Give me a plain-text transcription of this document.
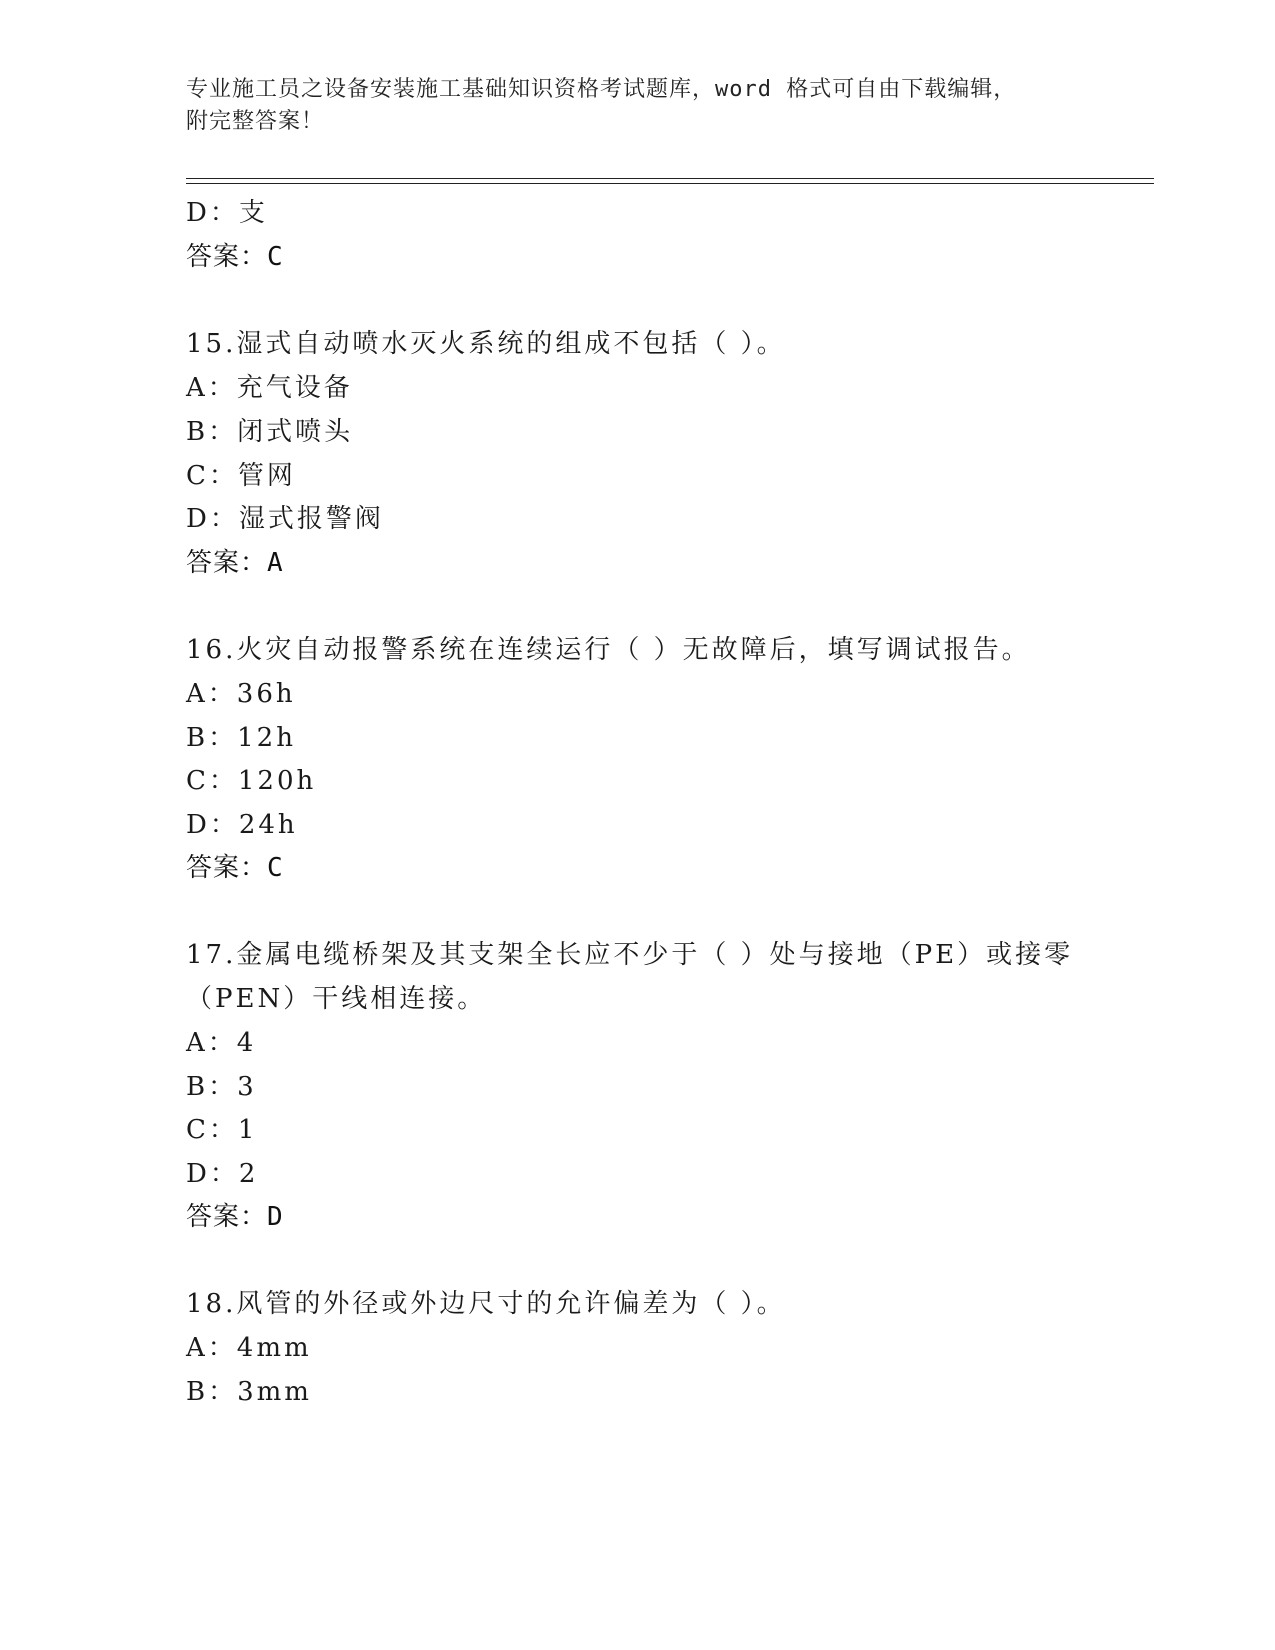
专业施工员之设备安装施工基础知识资格考试题库，word 格式可自由下载编辑，
附完整答案！
D：支
答案：C
15.湿式自动喷水灭火系统的组成不包括（ ）。
A：充气设备
B：闭式喷头
C：管网
D：湿式报警阀
答案：A
16.火灾自动报警系统在连续运行（ ）无故障后，填写调试报告。
A：36h
B：12h
C：120h
D：24h
答案：C
17.金属电缆桥架及其支架全长应不少于（ ）处与接地（PE）或接零
（PEN）干线相连接。
A：4
B：3
C：1
D：2
答案：D
18.风管的外径或外边尺寸的允许偏差为（ ）。
A：4mm
B：3mm
